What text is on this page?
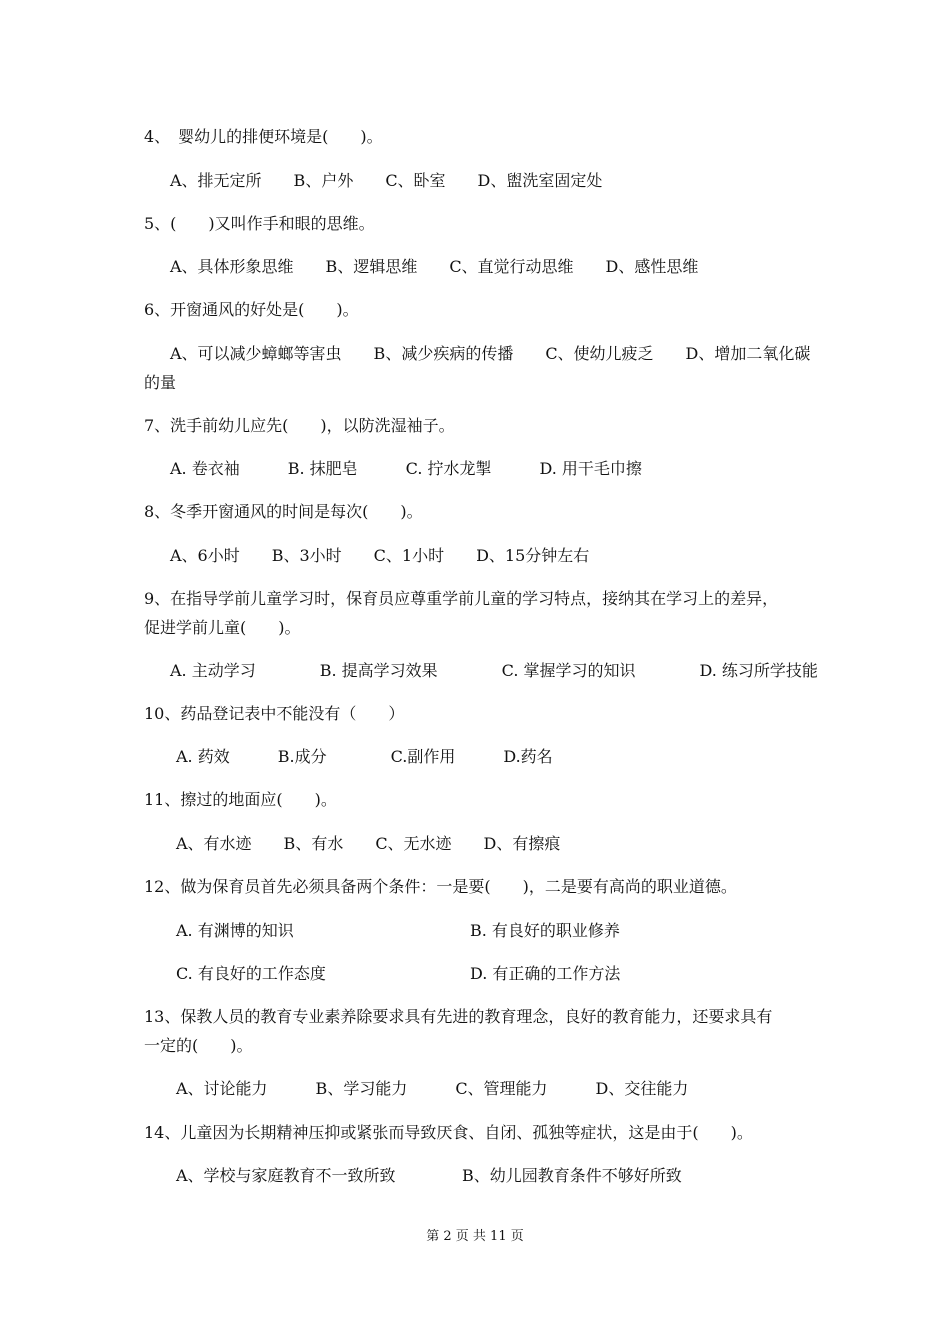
4、　婴幼儿的排便环境是(　　)。
A、排无定所　　B、户外　　C、卧室　　D、盥洗室固定处
5、(　　)又叫作手和眼的思维。
A、具体形象思维　　B、逻辑思维　　C、直觉行动思维　　D、感性思维
6、开窗通风的好处是(　　)。
A、可以减少蟑螂等害虫　　B、减少疾病的传播　　C、使幼儿疲乏　　D、增加二氧化碳
的量
7、洗手前幼儿应先(　　)，以防洗湿袖子。
A. 卷衣袖　　　B. 抹肥皂　　　C. 拧水龙掣　　　D. 用干毛巾擦
8、冬季开窗通风的时间是每次(　　)。
A、6小时　　B、3小时　　C、1小时　　D、15分钟左右
9、在指导学前儿童学习时，保育员应尊重学前儿童的学习特点，接纳其在学习上的差异，
促进学前儿童(　　)。
A. 主动学习　　　　B. 提高学习效果　　　　C. 掌握学习的知识　　　　D. 练习所学技能
10、药品登记表中不能没有（　　）
A. 药效　　　B.成分　　　　C.副作用　　　D.药名
11、擦过的地面应(　　)。
A、有水迹　　B、有水　　C、无水迹　　D、有擦痕
12、做为保育员首先必须具备两个条件：一是要(　　)，二是要有高尚的职业道德。
A. 有渊博的知识	B. 有良好的职业修养
C. 有良好的工作态度	D. 有正确的工作方法
13、保教人员的教育专业素养除要求具有先进的教育理念，良好的教育能力，还要求具有
一定的(　　)。
A、讨论能力　　　B、学习能力　　　C、管理能力　　　D、交往能力
14、儿童因为长期精神压抑或紧张而导致厌食、自闭、孤独等症状，这是由于(　　)。
A、学校与家庭教育不一致所致	B、幼儿园教育条件不够好所致
第 2 页 共 11 页
